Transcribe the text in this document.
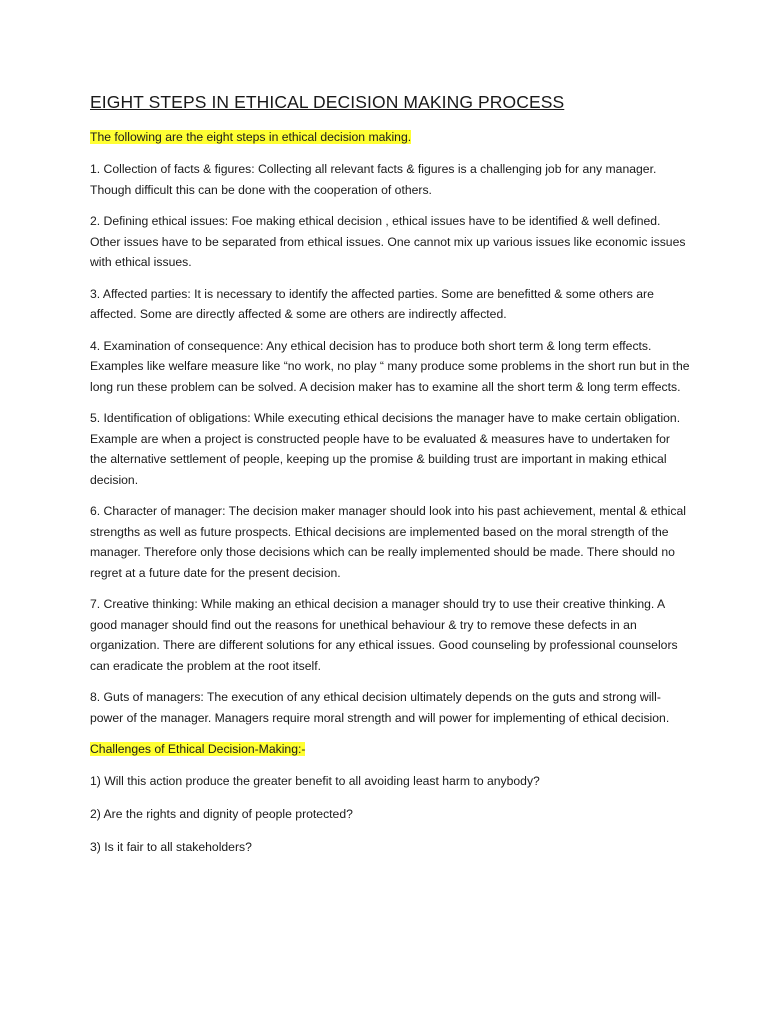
EIGHT STEPS IN ETHICAL DECISION MAKING PROCESS

The following are the eight steps in ethical decision making.

1. Collection of facts & figures: Collecting all relevant facts & figures is a challenging job for any manager. Though difficult this can be done with the cooperation of others.

2. Defining ethical issues: Foe making ethical decision , ethical issues have to be identified & well defined. Other issues have to be separated from ethical issues. One cannot mix up various issues like economic issues with ethical issues.

3. Affected parties: It is necessary to identify the affected parties. Some are benefitted & some others are affected. Some are directly affected & some are others are indirectly affected.

4. Examination of consequence: Any ethical decision has to produce both short term & long term effects. Examples like welfare measure like “no work, no play “ many produce some problems in the short run but in the long run these problem can be solved. A decision maker has to examine all the short term & long term effects.

5. Identification of obligations: While executing ethical decisions the manager have to make certain obligation. Example are when a project is constructed people have to be evaluated & measures have to undertaken for the alternative settlement of people, keeping up the promise & building trust are important in making ethical decision.

6. Character of manager: The decision maker manager should look into his past achievement, mental & ethical strengths as well as future prospects. Ethical decisions are implemented based on the moral strength of the manager. Therefore only those decisions which can be really implemented should be made. There should no regret at a future date for the present decision.

7. Creative thinking: While making an ethical decision a manager should try to use their creative thinking. A good manager should find out the reasons for unethical behaviour & try to remove these defects in an organization. There are different solutions for any ethical issues. Good counseling by professional counselors can eradicate the problem at the root itself.

8. Guts of managers: The execution of any ethical decision ultimately depends on the guts and strong will-power of the manager. Managers require moral strength and will power for implementing of ethical decision.

Challenges of Ethical Decision-Making:-

1) Will this action produce the greater benefit to all avoiding least harm to anybody?

2) Are the rights and dignity of people protected?

3) Is it fair to all stakeholders?
